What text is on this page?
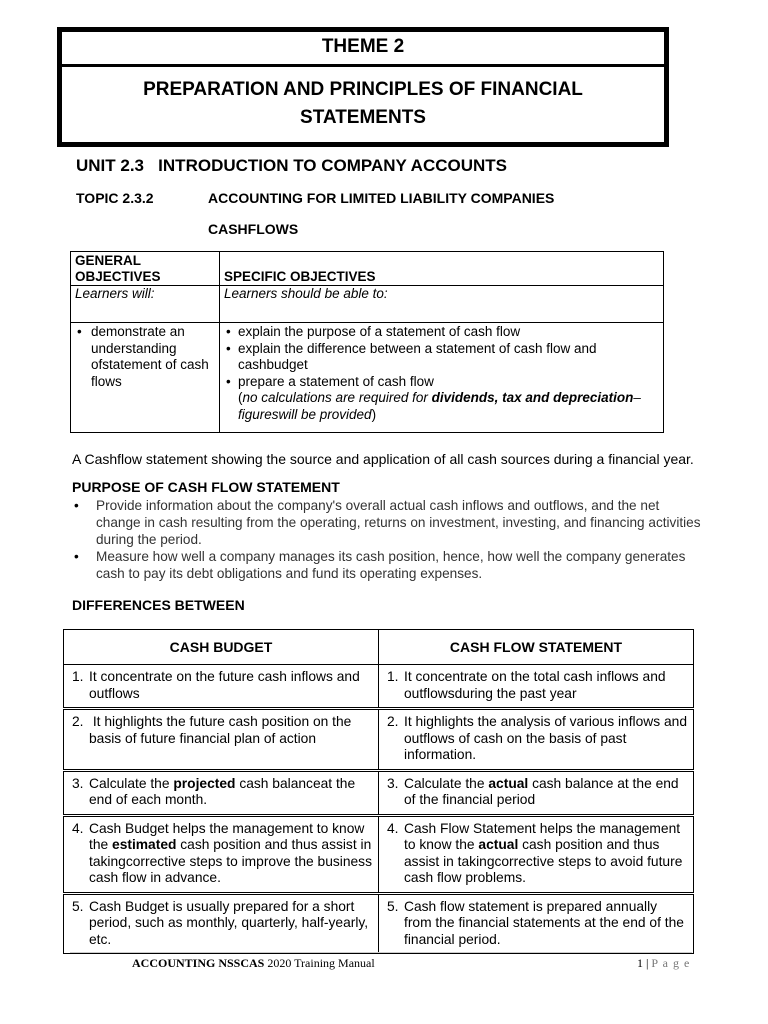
THEME 2
PREPARATION AND PRINCIPLES OF FINANCIAL
STATEMENTS
UNIT 2.3   INTRODUCTION TO COMPANY ACCOUNTS
TOPIC 2.3.2	ACCOUNTING FOR LIMITED LIABILITY COMPANIES
CASHFLOWS
GENERAL
OBJECTIVES	SPECIFIC OBJECTIVES
Learners will:	Learners should be able to:

• demonstrate an understanding ofstatement of cash flows	• explain the purpose of a statement of cash flow
• explain the difference between a statement of cash flow and cashbudget
• prepare a statement of cash flow
(no calculations are required for dividends, tax and depreciation– figureswill be provided)
A Cashflow statement showing the source and application of all cash sources during a financial year.
PURPOSE OF CASH FLOW STATEMENT
• Provide information about the company's overall actual cash inflows and outflows, and the net change in cash resulting from the operating, returns on investment, investing, and financing activities during the period.
• Measure how well a company manages its cash position, hence, how well the company generates cash to pay its debt obligations and fund its operating expenses.
DIFFERENCES BETWEEN
CASH BUDGET	CASH FLOW STATEMENT

1. It concentrate on the future cash inflows and outflows	1. It concentrate on the total cash inflows and outflowsduring the past year

2. It highlights the future cash position on the basis of future financial plan of action	2. It highlights the analysis of various inflows and outflows of cash on the basis of past information.

3. Calculate the projected cash balanceat the end of each month.	3. Calculate the actual cash balance at the end of the financial period

4. Cash Budget helps the management to know the estimated cash position and thus assist in takingcorrective steps to improve the business cash flow in advance.	4. Cash Flow Statement helps the management to know the actual cash position and thus assist in takingcorrective steps to avoid future cash flow problems.

5. Cash Budget is usually prepared for a short period, such as monthly, quarterly, half-yearly, etc.	5. Cash flow statement is prepared annually from the financial statements at the end of the financial period.
ACCOUNTING NSSCAS 2020 Training Manual	1 | P a g e
